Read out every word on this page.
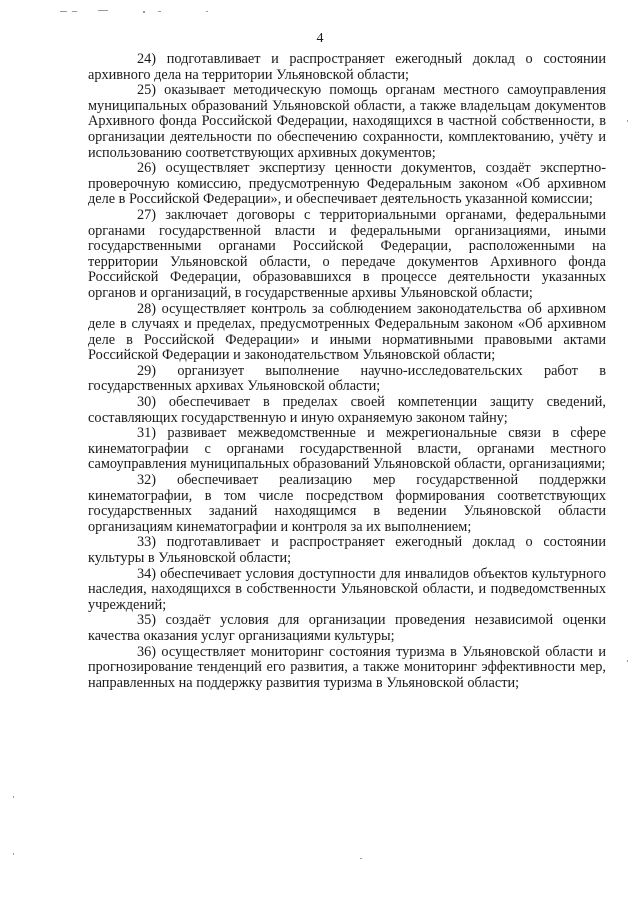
4

24) подготавливает и распространяет ежегодный доклад о состоянии архивного дела на территории Ульяновской области;

25) оказывает методическую помощь органам местного самоуправления муниципальных образований Ульяновской области, а также владельцам документов Архивного фонда Российской Федерации, находящихся в частной собственности, в организации деятельности по обеспечению сохранности, комплектованию, учёту и использованию соответствующих архивных документов;

26) осуществляет экспертизу ценности документов, создаёт экспертно-проверочную комиссию, предусмотренную Федеральным законом «Об архивном деле в Российской Федерации», и обеспечивает деятельность указанной комиссии;

27) заключает договоры с территориальными органами, федеральными органами государственной власти и федеральными организациями, иными государственными органами Российской Федерации, расположенными на территории Ульяновской области, о передаче документов Архивного фонда Российской Федерации, образовавшихся в процессе деятельности указанных органов и организаций, в государственные архивы Ульяновской области;

28) осуществляет контроль за соблюдением законодательства об архивном деле в случаях и пределах, предусмотренных Федеральным законом «Об архивном деле в Российской Федерации» и иными нормативными правовыми актами Российской Федерации и законодательством Ульяновской области;

29) организует выполнение научно-исследовательских работ в государственных архивах Ульяновской области;

30) обеспечивает в пределах своей компетенции защиту сведений, составляющих государственную и иную охраняемую законом тайну;

31) развивает межведомственные и межрегиональные связи в сфере кинематографии с органами государственной власти, органами местного самоуправления муниципальных образований Ульяновской области, организациями;

32) обеспечивает реализацию мер государственной поддержки кинематографии, в том числе посредством формирования соответствующих государственных заданий находящимся в ведении Ульяновской области организациям кинематографии и контроля за их выполнением;

33) подготавливает и распространяет ежегодный доклад о состоянии культуры в Ульяновской области;

34) обеспечивает условия доступности для инвалидов объектов культурного наследия, находящихся в собственности Ульяновской области, и подведомственных учреждений;

35) создаёт условия для организации проведения независимой оценки качества оказания услуг организациями культуры;

36) осуществляет мониторинг состояния туризма в Ульяновской области и прогнозирование тенденций его развития, а также мониторинг эффективности мер, направленных на поддержку развития туризма в Ульяновской области;
